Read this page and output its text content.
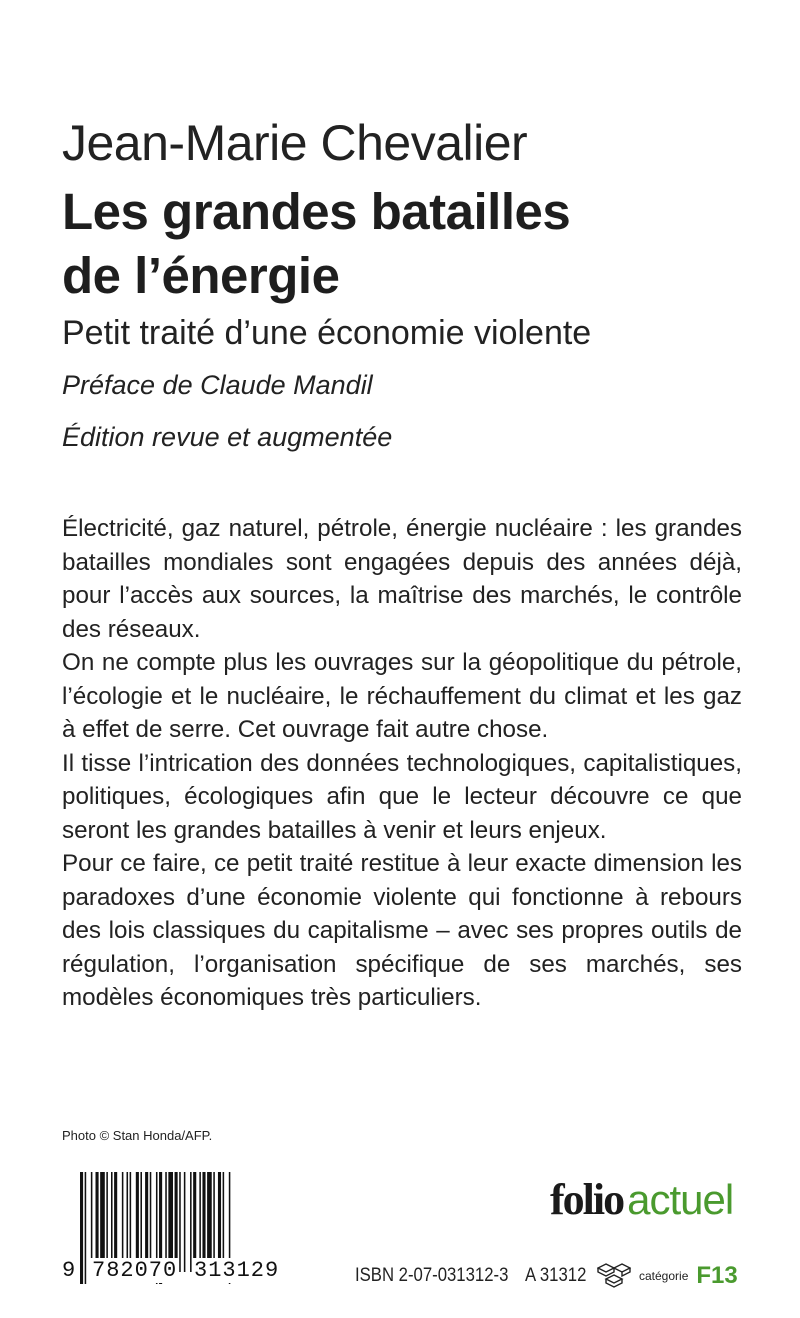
Jean-Marie Chevalier
Les grandes batailles
de l’énergie
Petit traité d’une économie violente
Préface de Claude Mandil
Édition revue et augmentée

Électricité, gaz naturel, pétrole, énergie nucléaire : les grandes batailles mondiales sont engagées depuis des années déjà, pour l’accès aux sources, la maîtrise des marchés, le contrôle des réseaux.

On ne compte plus les ouvrages sur la géopolitique du pétrole, l’écologie et le nucléaire, le réchauffement du climat et les gaz à effet de serre. Cet ouvrage fait autre chose.

Il tisse l’intrication des données technologiques, capitalistiques, politiques, écologiques afin que le lecteur découvre ce que seront les grandes batailles à venir et leurs enjeux.

Pour ce faire, ce petit traité restitue à leur exacte dimension les paradoxes d’une économie violente qui fonctionne à rebours des lois classiques du capitalisme – avec ses propres outils de régulation, l’organisation spécifique de ses marchés, ses modèles économiques très particuliers.

Photo © Stan Honda/AFP.
9 782070 313129
folio actuel
ISBN 2-07-031312-3 A 31312	catégorie F13
